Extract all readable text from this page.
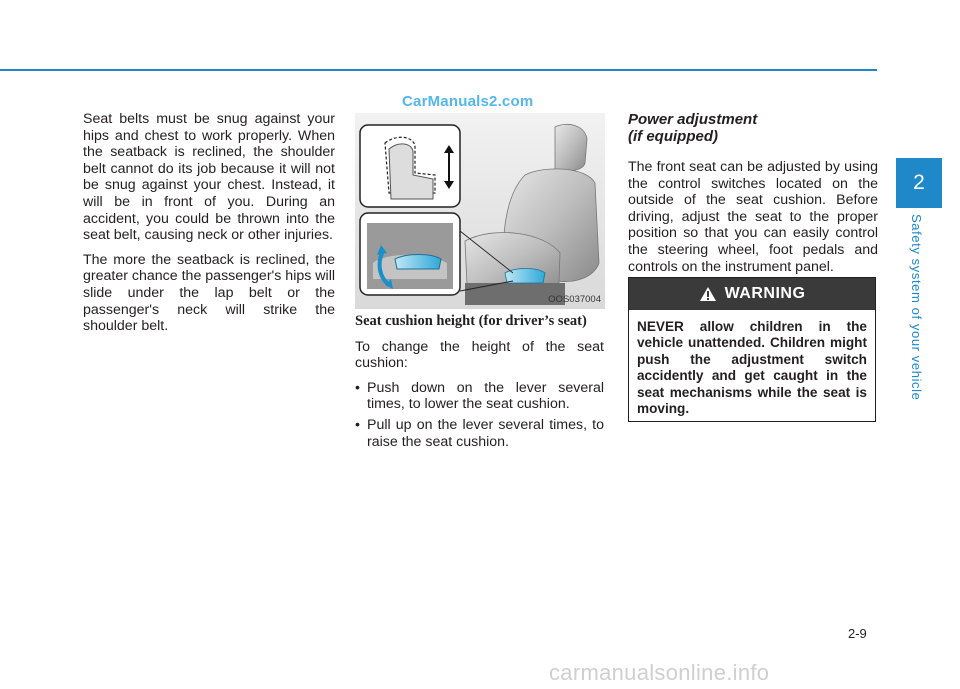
CarManuals2.com

Seat belts must be snug against your hips and chest to work properly. When the seatback is reclined, the shoulder belt cannot do its job because it will not be snug against your chest. Instead, it will be in front of you. During an accident, you could be thrown into the seat belt, causing neck or other injuries.

The more the seatback is reclined, the greater chance the passenger's hips will slide under the lap belt or the passenger's neck will strike the shoulder belt.

OOS037004
Seat cushion height (for driver’s seat)

To change the height of the seat cushion:

• Push down on the lever several times, to lower the seat cushion.
• Pull up on the lever several times, to raise the seat cushion.
Power adjustment
(if equipped)

The front seat can be adjusted by using the control switches located on the outside of the seat cushion. Before driving, adjust the seat to the proper position so that you can easily control the steering wheel, foot pedals and controls on the instrument panel.

WARNING
NEVER allow children in the vehicle unattended. Children might push the adjustment switch accidently and get caught in the seat mechanisms while the seat is moving.
2
Safety system of your vehicle
2-9
carmanualsonline.info
